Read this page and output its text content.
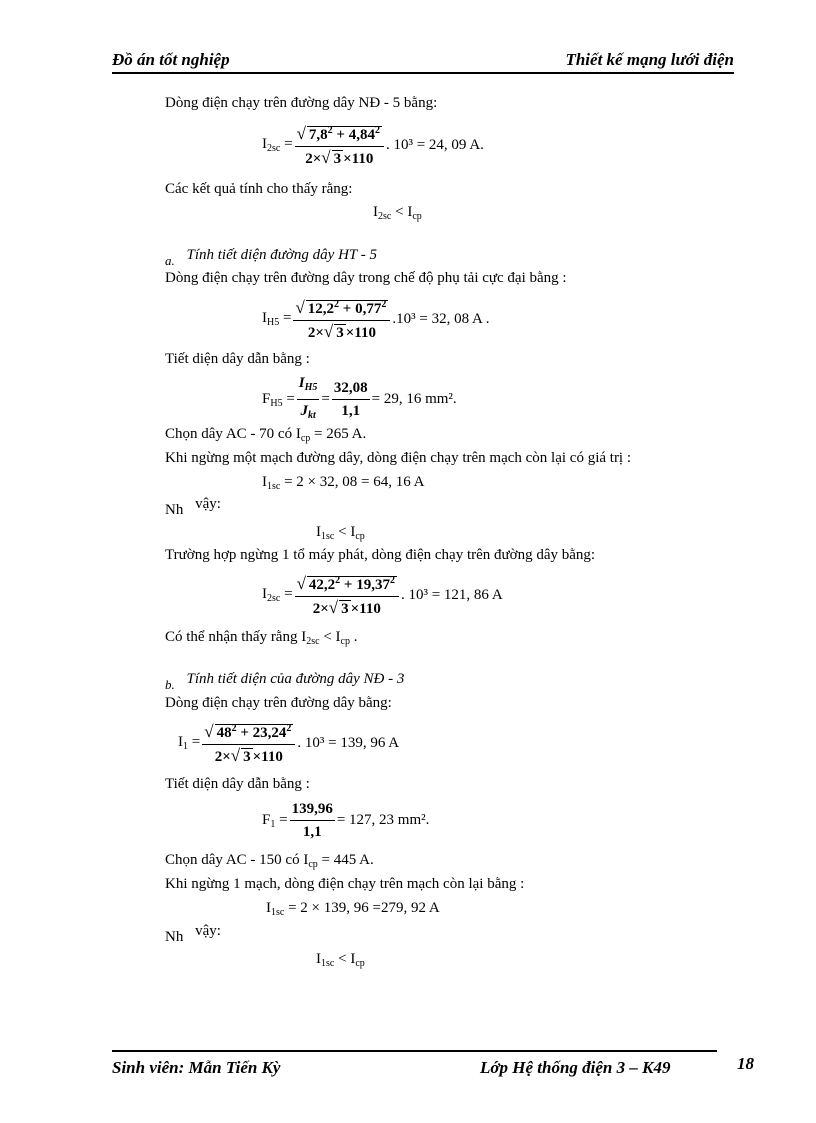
Đồ án tốt nghiệp	Thiết kế mạng lưới điện
Dòng điện chạy trên đường dây NĐ - 5 bằng:
$I_{2sc} = \frac{√ 7,8^2 + 4,84^2}{2\times√ 3 \times 110}$ . 10³ = 24, 09 A.
Các kết quả tính cho thấy rằng:
$I_{2sc} < I_{cp}$
a. Tính tiết diện đường dây HT - 5
Dòng điện chạy trên đường dây trong chế độ phụ tải cực đại bằng :
$I_{H5} = \frac{√ 12,2^2 + 0,77^2}{2\times√ 3 \times 110} .10^3 = 32$, 08 A .
Tiết diện dây dẫn bằng :
$F_{H5} = \frac{I_{H5}}{J_{kt}} = \frac{32,08}{1,1} = 29$, 16 mm².
Chọn dây AC - 70 có $I_{cp} = 265$ A.
Khi ngừng một mạch đường dây, dòng điện chạy trên mạch còn lại có giá trị :
$I_{1sc} = 2 \times 32$, 08 = 64, 16 A
Nh vậy:
$I_{1sc} < I_{cp}$
Trường hợp ngừng 1 tổ máy phát, dòng điện chạy trên đường dây bằng:
$I_{2sc} = \frac{√ 42,2^2 + 19,37^2}{2\times√ 3 \times 110}$ . 10³ = 121, 86 A
Có thể nhận thấy rằng $I_{2sc} < I_{cp}$ .
b. Tính tiết diện của đường dây NĐ - 3
Dòng điện chạy trên đường dây bằng:
$I_1 = \frac{√ 48^2 + 23,24^2}{2\times√ 3 \times 110}$ . 10³ = 139, 96 A
Tiết diện dây dẫn bằng :
$F_1 = \frac{139,96}{1,1} = 127$, 23 mm².
Chọn dây AC - 150 có $I_{cp} = 445$ A.
Khi ngừng 1 mạch, dòng điện chạy trên mạch còn lại bằng :
$I_{1sc} = 2 \times 139$, 96 =279, 92 A
Nh vậy:
$I_{1sc} < I_{cp}$
Sinh viên: Mẫn Tiến Kỳ	Lớp Hệ thống điện 3 – K49	18
